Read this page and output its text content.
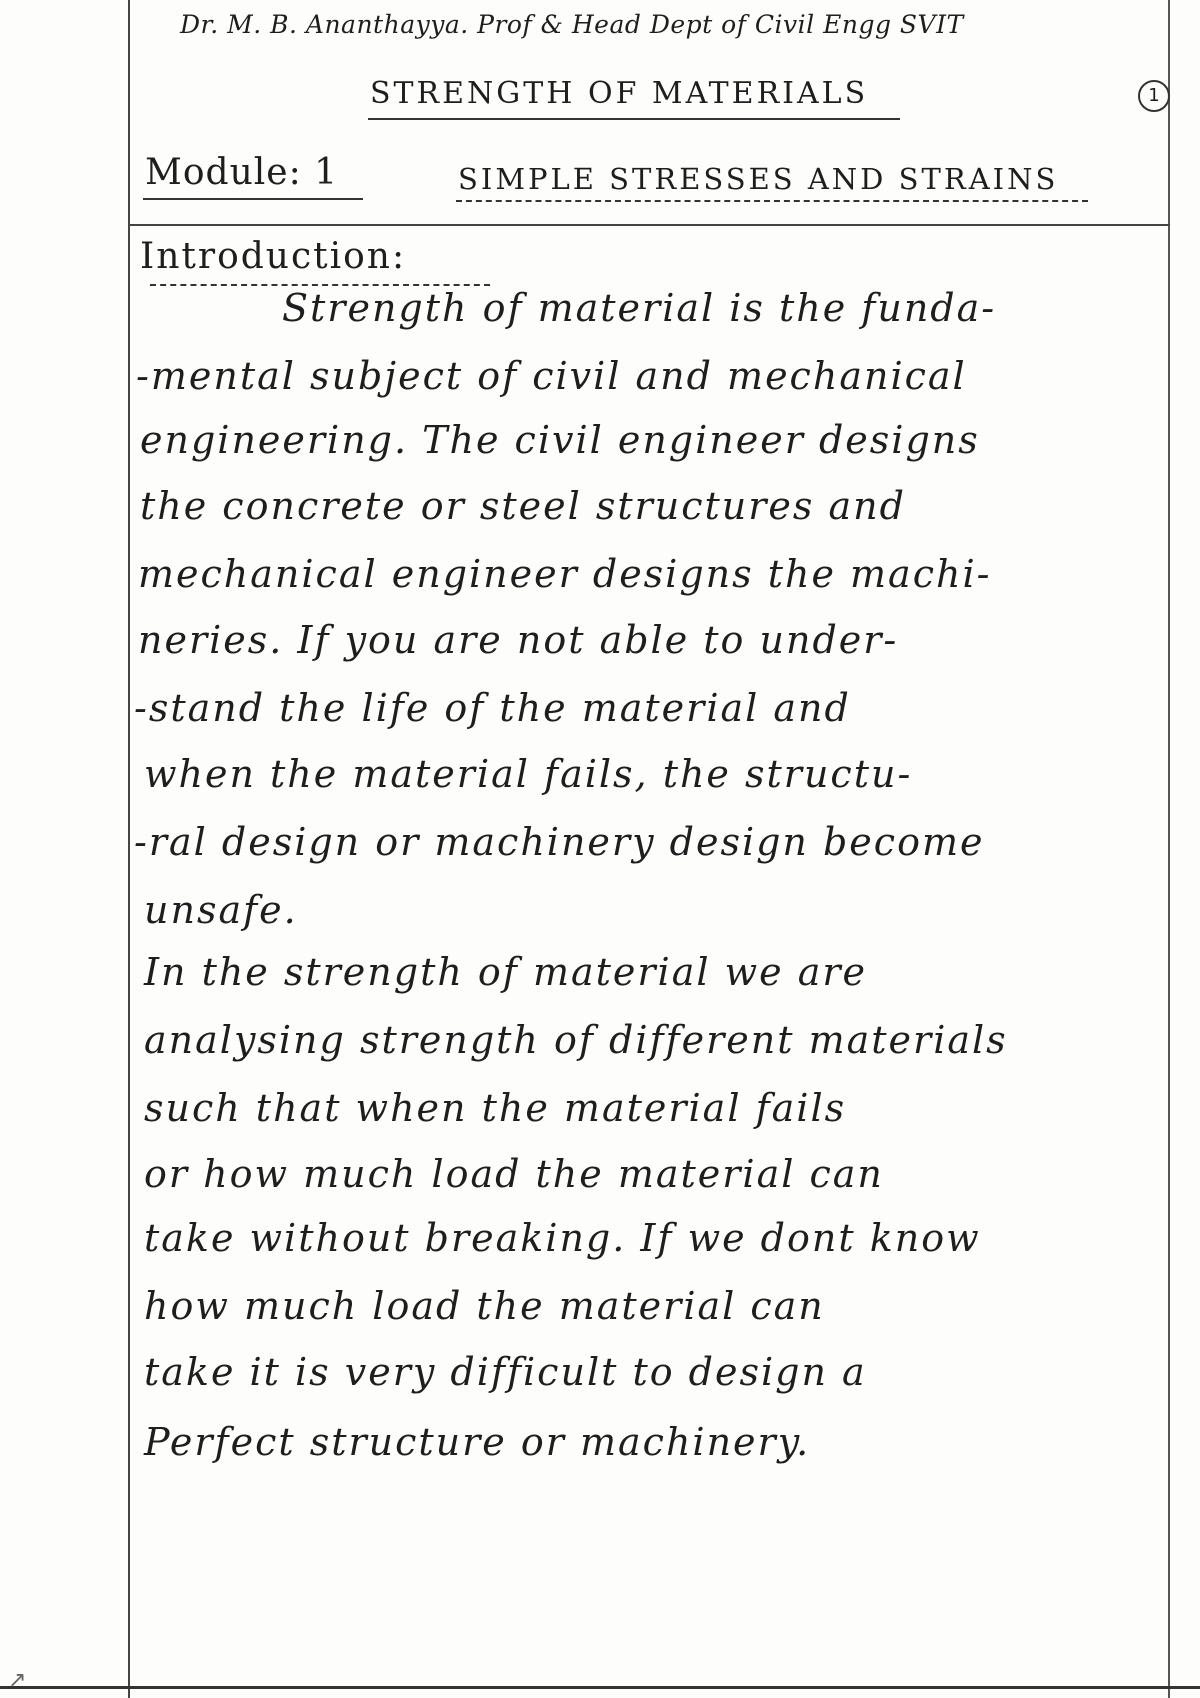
Dr. M. B. Ananthayya. Prof & Head Dept of Civil Engg SVIT
STRENGTH OF MATERIALS	1
Module: 1	SIMPLE STRESSES AND STRAINS
Introduction:
Strength of material is the funda-
-mental subject of civil and mechanical
engineering. The civil engineer designs
the concrete or steel structures and
mechanical engineer designs the machi-
neries. If you are not able to under-
-stand the life of the material and
when the material fails, the structu-
-ral design or machinery design become
unsafe.
In the strength of material we are
analysing strength of different materials
such that when the material fails
or how much load the material can
take without breaking. If we dont know
how much load the material can
take it is very difficult to design a
Perfect structure or machinery.
↗
